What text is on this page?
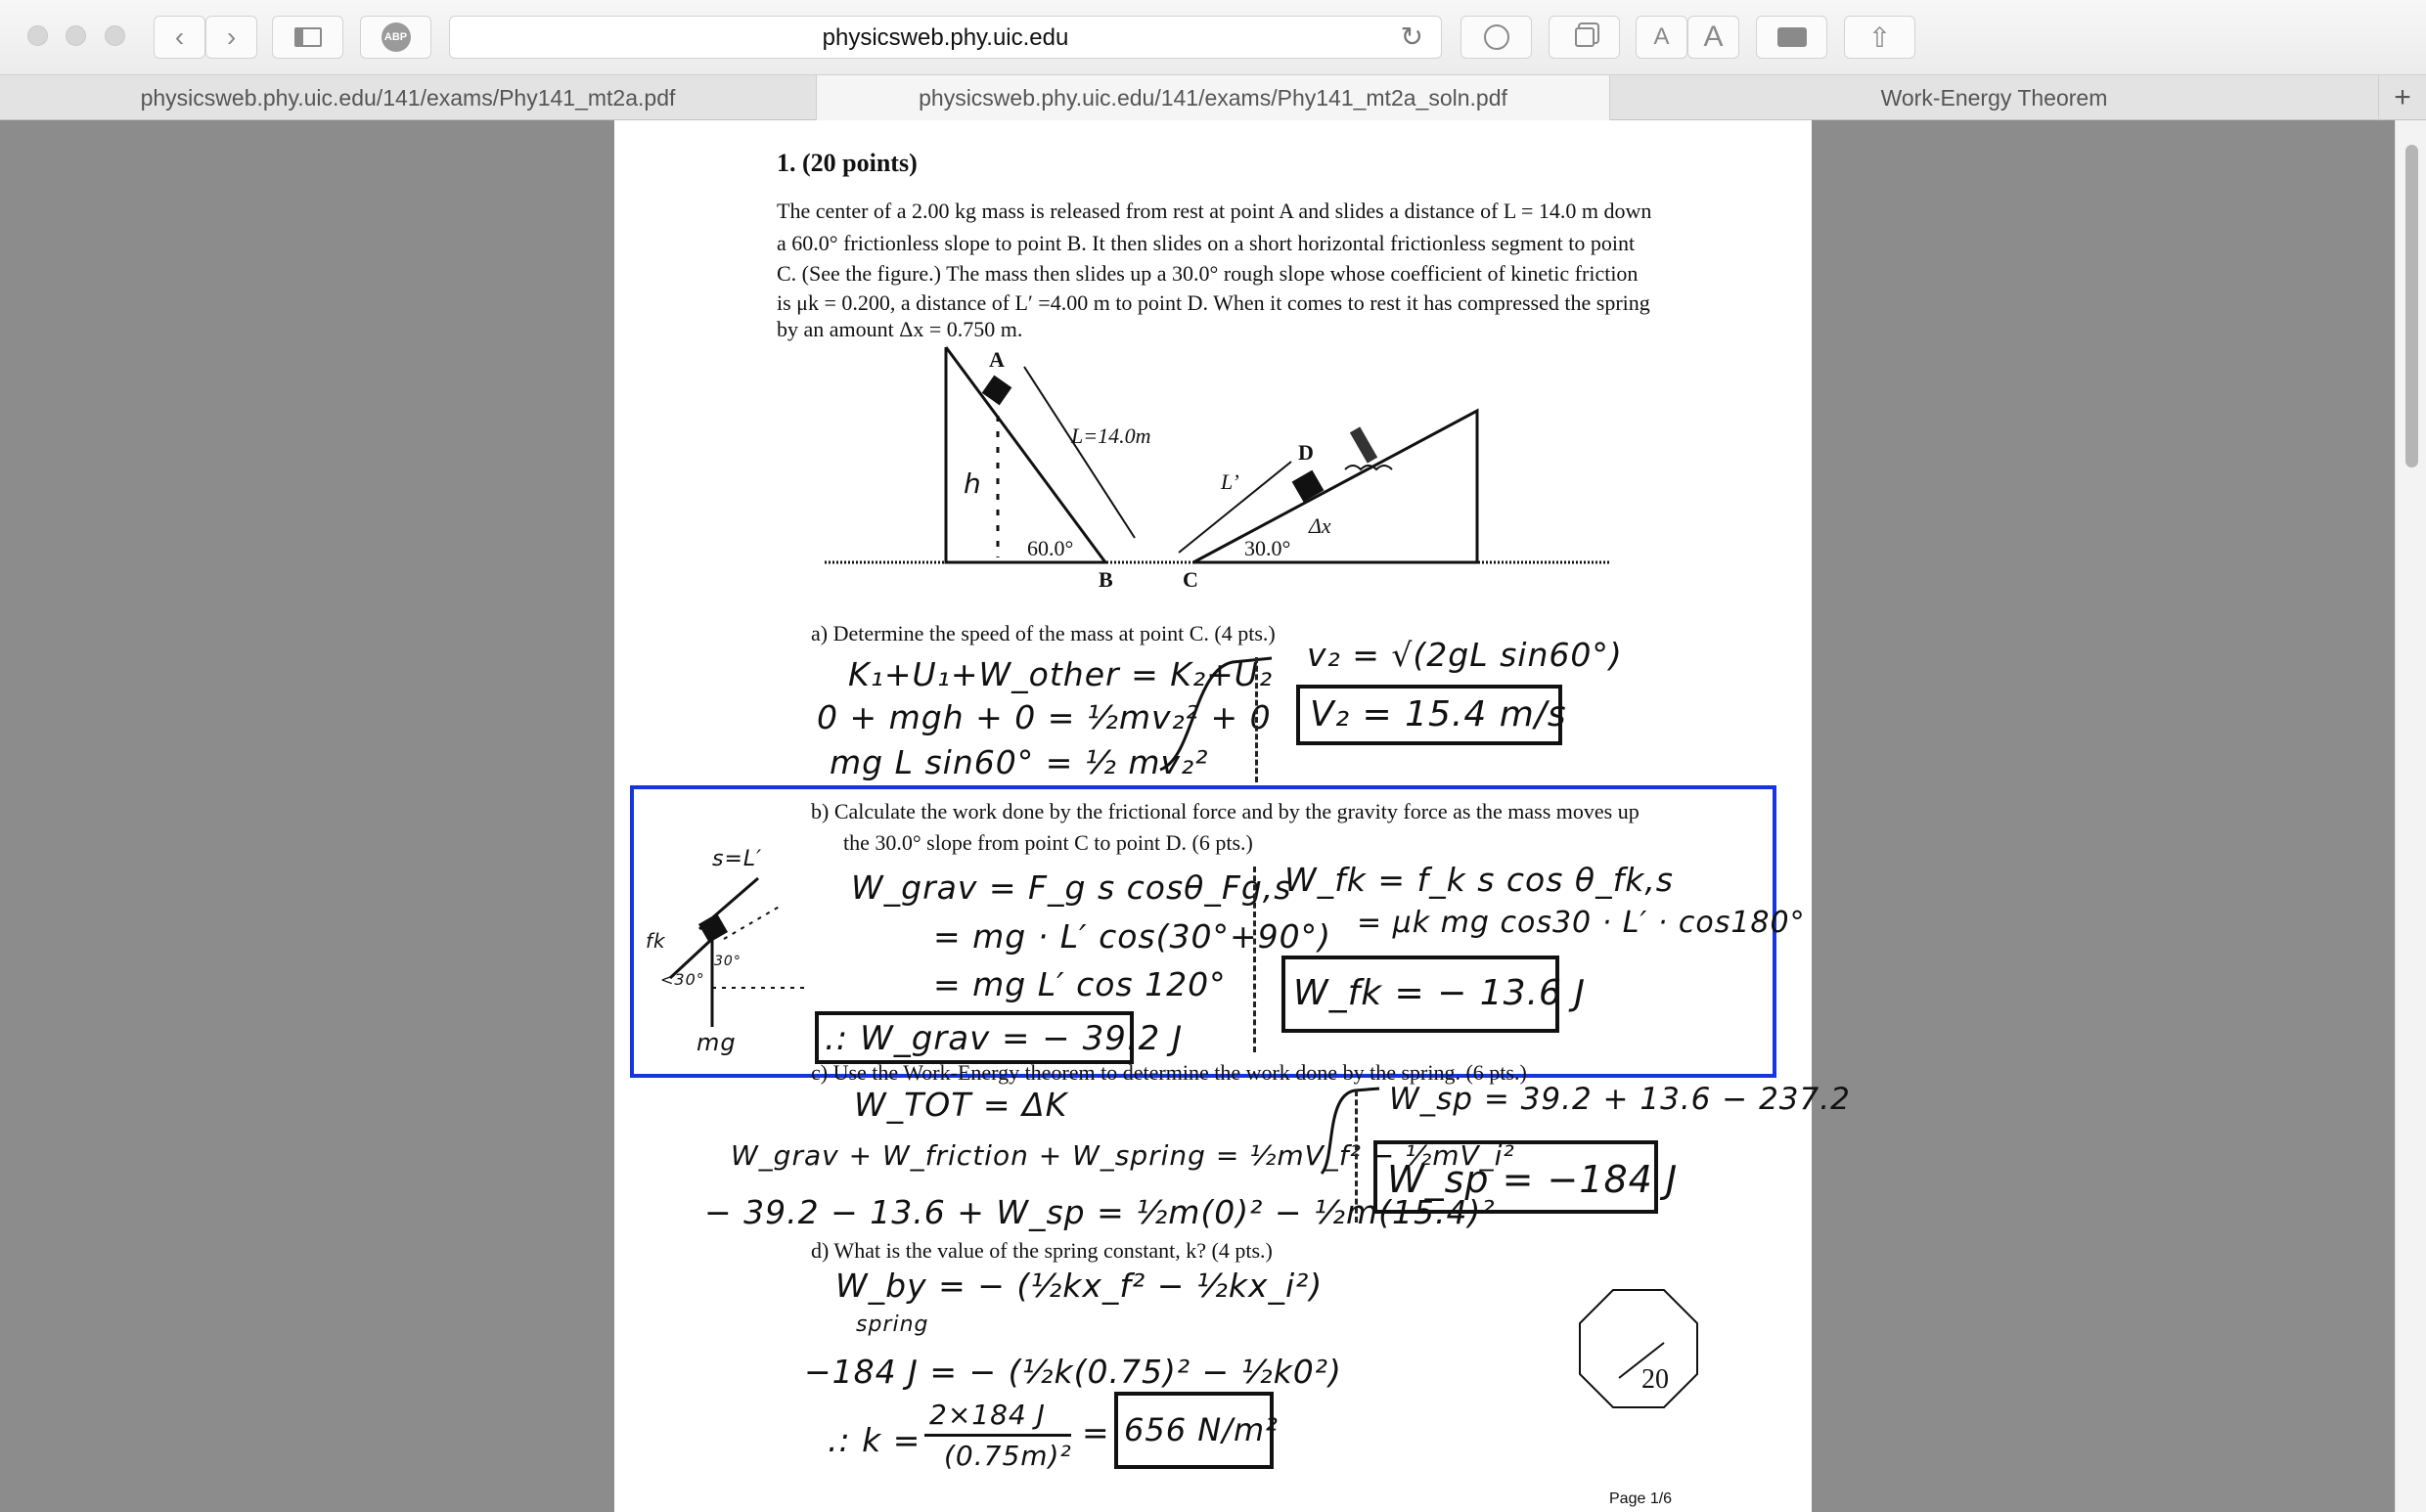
‹ ›	ABP	physicsweb.phy.uic.edu	↻	A	A	⇧
physicsweb.phy.uic.edu/141/exams/Phy141_mt2a.pdf	physicsweb.phy.uic.edu/141/exams/Phy141_mt2a_soln.pdf	Work-Energy Theorem	+
1. (20 points)
The center of a 2.00 kg mass is released from rest at point A and slides a distance of L = 14.0 m down
a 60.0° frictionless slope to point B. It then slides on a short horizontal frictionless segment to point
C. (See the figure.) The mass then slides up a 30.0° rough slope whose coefficient of kinetic friction
is μk = 0.200, a distance of L′ =4.00 m to point D. When it comes to rest it has compressed the spring
by an amount Δx = 0.750 m.
A
B	C
D
h
L=14.0m
L’
60.0°	30.0°
Δx
a) Determine the speed of the mass at point C. (4 pts.)
K₁+U₁+W_other = K₂+U₂
0 + mgh + 0 = ½mv₂² + 0
mg L sin60° = ½ mv₂²
v₂ = √(2gL sin60°)
V₂ = 15.4 m/s
b) Calculate the work done by the frictional force and by the gravity force as the mass moves up
the 30.0° slope from point C to point D. (6 pts.)
s=L′
fk
<30°
30°
mg
W_grav = F_g s cosθ_Fg,s
= mg · L′ cos(30°+90°)
= mg L′ cos 120°
.: W_grav = − 39.2 J
W_fk = f_k s cos θ_fk,s
= μk mg cos30 · L′ · cos180°
W_fk = − 13.6 J
c) Use the Work-Energy theorem to determine the work done by the spring. (6 pts.)
W_TOT = ΔK
W_grav + W_friction + W_spring = ½mV_f² − ½mV_i²
− 39.2 − 13.6 + W_sp = ½m(0)² − ½m(15.4)²
W_sp = 39.2 + 13.6 − 237.2
W_sp = −184 J
d) What is the value of the spring constant, k? (4 pts.)
W_by = − (½kx_f² − ½kx_i²)
spring
−184 J = − (½k(0.75)² − ½k0²)
.: k =
2×184 J
(0.75m)²
= 656 N/m²
20
Page 1/6
